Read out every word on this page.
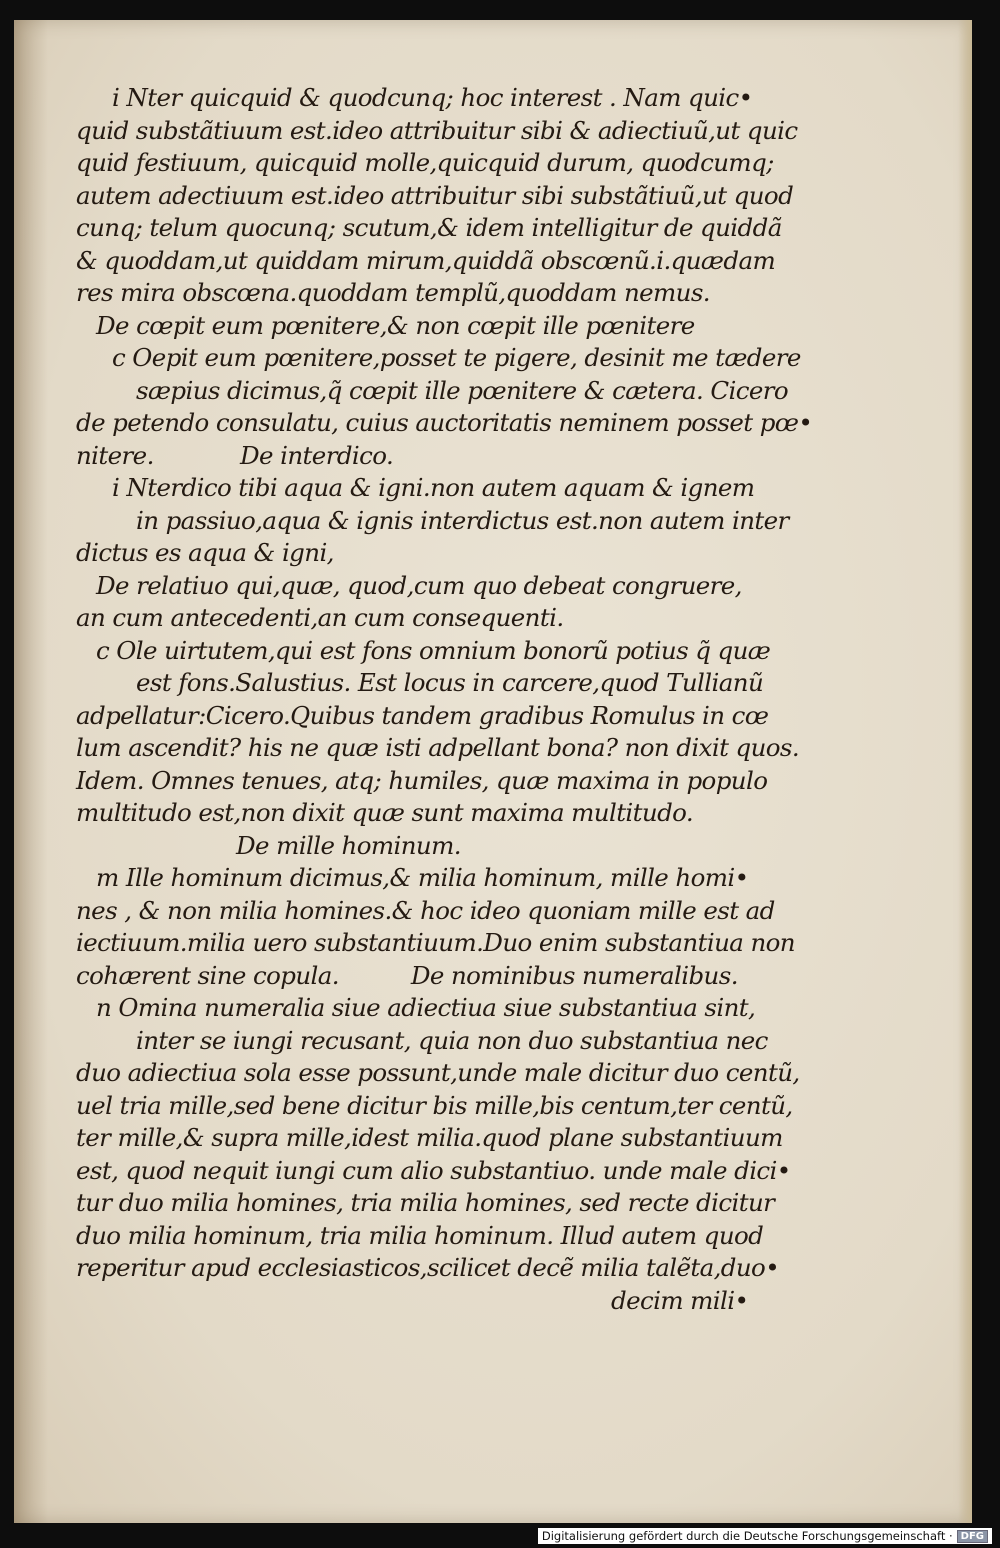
i Nter quicquid & quodcunq; hoc interest . Nam quic•
quid substãtiuum est.ideo attribuitur sibi & adiectiuũ,ut quic
quid festiuum, quicquid molle,quicquid durum, quodcumq;
autem adectiuum est.ideo attribuitur sibi substãtiuũ,ut quod
cunq; telum quocunq; scutum,& idem intelligitur de quiddã
& quoddam,ut quiddam mirum,quiddã obscœnũ.i.quædam
res mira obscœna.quoddam templũ,quoddam nemus.
De cœpit eum pœnitere,& non cœpit ille pœnitere
c Oepit eum pœnitere,posset te pigere, desinit me tædere
sæpius dicimus,q̃ cœpit ille pœnitere & cætera. Cicero
de petendo consulatu, cuius auctoritatis neminem posset pœ•
nitere.            De interdico.
i Nterdico tibi aqua & igni.non autem aquam & ignem
in passiuo,aqua & ignis interdictus est.non autem inter
dictus es aqua & igni,
De relatiuo qui,quæ, quod,cum quo debeat congruere,
an cum antecedenti,an cum consequenti.
c Ole uirtutem,qui est fons omnium bonorũ potius q̃ quæ
est fons.Salustius. Est locus in carcere,quod Tullianũ
adpellatur:Cicero.Quibus tandem gradibus Romulus in cœ
lum ascendit? his ne quæ isti adpellant bona? non dixit quos.
Idem. Omnes tenues, atq; humiles, quæ maxima in populo
multitudo est,non dixit quæ sunt maxima multitudo.
De mille hominum.
m Ille hominum dicimus,& milia hominum, mille homi•
nes , & non milia homines.& hoc ideo quoniam mille est ad
iectiuum.milia uero substantiuum.Duo enim substantiua non
cohærent sine copula.          De nominibus numeralibus.
n Omina numeralia siue adiectiua siue substantiua sint,
inter se iungi recusant, quia non duo substantiua nec
duo adiectiua sola esse possunt,unde male dicitur duo centũ,
uel tria mille,sed bene dicitur bis mille,bis centum,ter centũ,
ter mille,& supra mille,idest milia.quod plane substantiuum
est, quod nequit iungi cum alio substantiuo. unde male dici•
tur duo milia homines, tria milia homines, sed recte dicitur
duo milia hominum, tria milia hominum. Illud autem quod
reperitur apud ecclesiasticos,scilicet decẽ milia talẽta,duo•
decim mili•
Digitalisierung gefördert durch die Deutsche Forschungsgemeinschaft · DFG
